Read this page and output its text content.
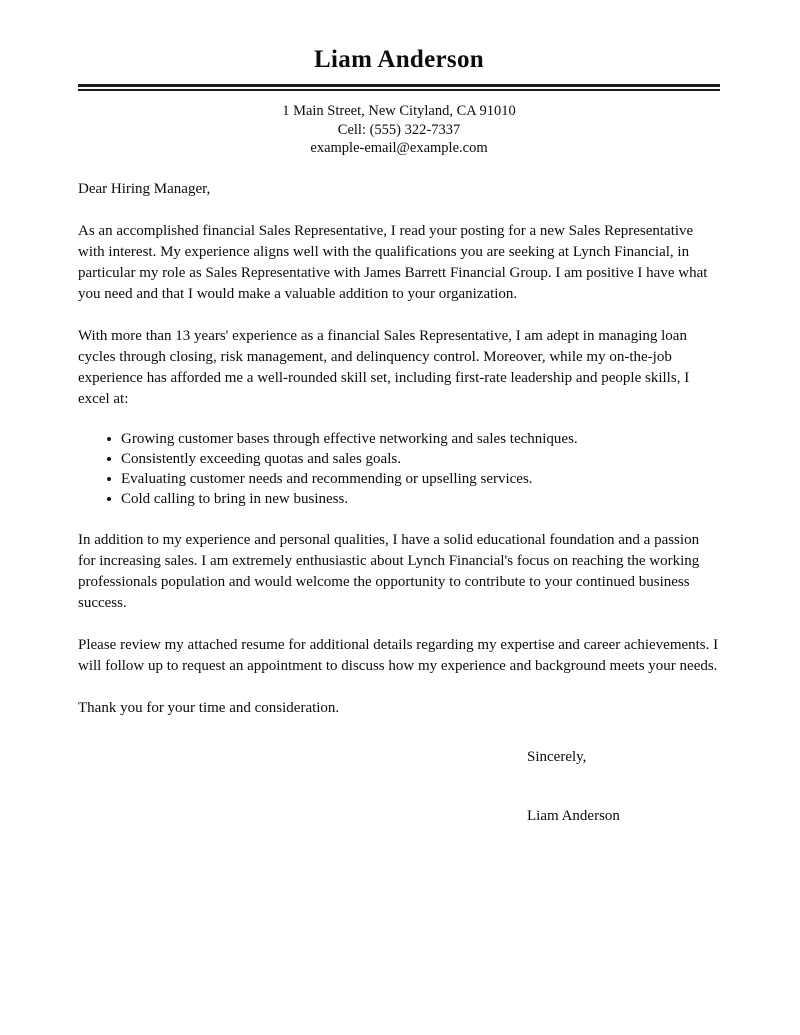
Liam Anderson
1 Main Street, New Cityland, CA 91010
Cell: (555) 322-7337
example-email@example.com

Dear Hiring Manager,

As an accomplished financial Sales Representative, I read your posting for a new Sales Representative with interest. My experience aligns well with the qualifications you are seeking at Lynch Financial, in particular my role as Sales Representative with James Barrett Financial Group. I am positive I have what you need and that I would make a valuable addition to your organization.

With more than 13 years' experience as a financial Sales Representative, I am adept in managing loan cycles through closing, risk management, and delinquency control. Moreover, while my on-the-job experience has afforded me a well-rounded skill set, including first-rate leadership and people skills, I excel at:

Growing customer bases through effective networking and sales techniques.
Consistently exceeding quotas and sales goals.
Evaluating customer needs and recommending or upselling services.
Cold calling to bring in new business.

In addition to my experience and personal qualities, I have a solid educational foundation and a passion for increasing sales. I am extremely enthusiastic about Lynch Financial's focus on reaching the working professionals population and would welcome the opportunity to contribute to your continued business success.

Please review my attached resume for additional details regarding my expertise and career achievements. I will follow up to request an appointment to discuss how my experience and background meets your needs.

Thank you for your time and consideration.

Sincerely,

Liam Anderson
